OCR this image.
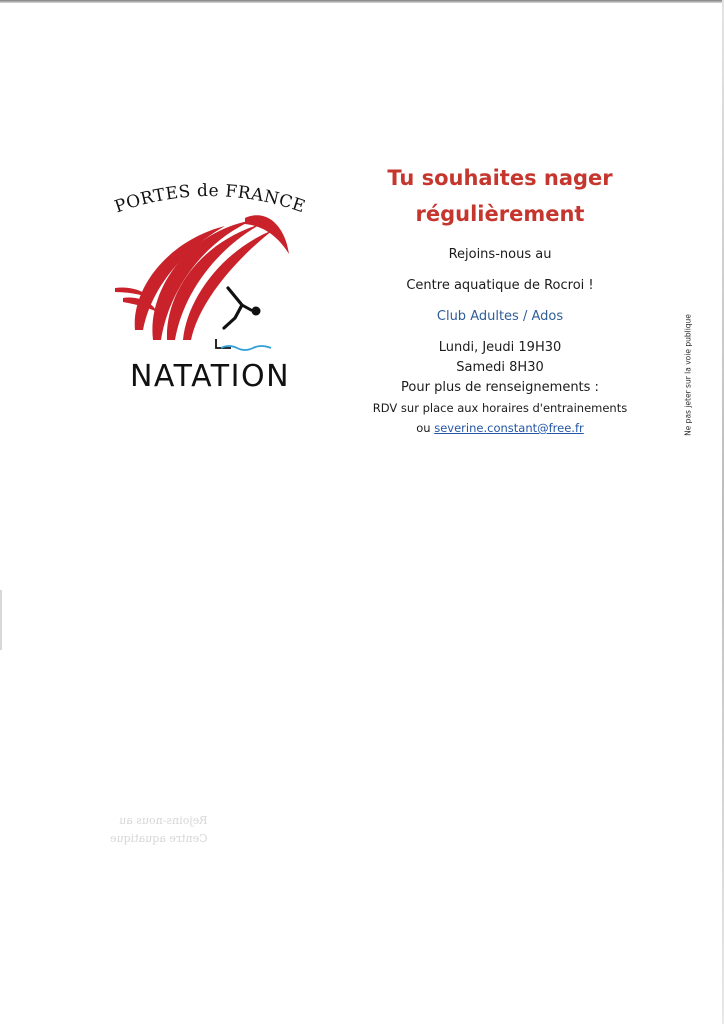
PORTES de FRANCE
NATATION
Tu souhaites nager
régulièrement
Rejoins-nous au
Centre aquatique de Rocroi !
Club Adultes / Ados
Lundi, Jeudi 19H30
Samedi 8H30
Pour plus de renseignements :
RDV sur place aux horaires d'entrainements
ou severine.constant@free.fr	Ne pas jeter sur la voie publique
Rejoins-nous au
Centre aquatique
